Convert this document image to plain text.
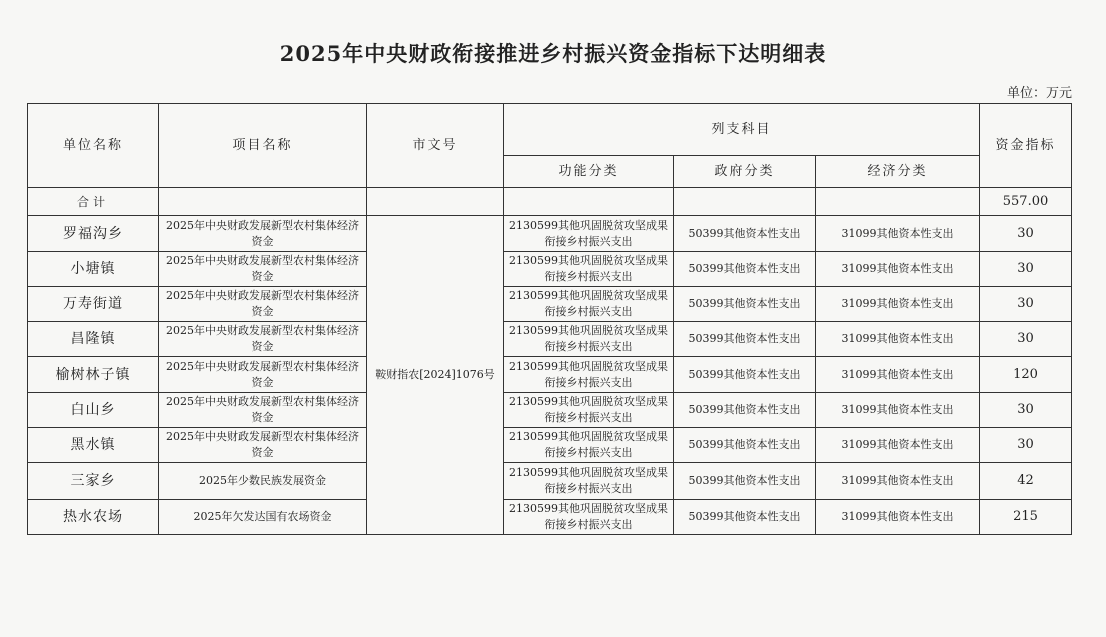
2025年中央财政衔接推进乡村振兴资金指标下达明细表
单位：万元
单位名称	项目名称	市文号	列支科目			资金指标
			功能分类	政府分类	经济分类	
合计						557.00
罗福沟乡	2025年中央财政发展新型农村集体经济资金	鞍财指农[2024]1076号	2130599其他巩固脱贫攻坚成果衔接乡村振兴支出	50399其他资本性支出	31099其他资本性支出	30
小塘镇	2025年中央财政发展新型农村集体经济资金		2130599其他巩固脱贫攻坚成果衔接乡村振兴支出	50399其他资本性支出	31099其他资本性支出	30
万寿街道	2025年中央财政发展新型农村集体经济资金		2130599其他巩固脱贫攻坚成果衔接乡村振兴支出	50399其他资本性支出	31099其他资本性支出	30
昌隆镇	2025年中央财政发展新型农村集体经济资金		2130599其他巩固脱贫攻坚成果衔接乡村振兴支出	50399其他资本性支出	31099其他资本性支出	30
榆树林子镇	2025年中央财政发展新型农村集体经济资金		2130599其他巩固脱贫攻坚成果衔接乡村振兴支出	50399其他资本性支出	31099其他资本性支出	120
白山乡	2025年中央财政发展新型农村集体经济资金		2130599其他巩固脱贫攻坚成果衔接乡村振兴支出	50399其他资本性支出	31099其他资本性支出	30
黑水镇	2025年中央财政发展新型农村集体经济资金		2130599其他巩固脱贫攻坚成果衔接乡村振兴支出	50399其他资本性支出	31099其他资本性支出	30
三家乡	2025年少数民族发展资金		2130599其他巩固脱贫攻坚成果衔接乡村振兴支出	50399其他资本性支出	31099其他资本性支出	42
热水农场	2025年欠发达国有农场资金		2130599其他巩固脱贫攻坚成果衔接乡村振兴支出	50399其他资本性支出	31099其他资本性支出	215
